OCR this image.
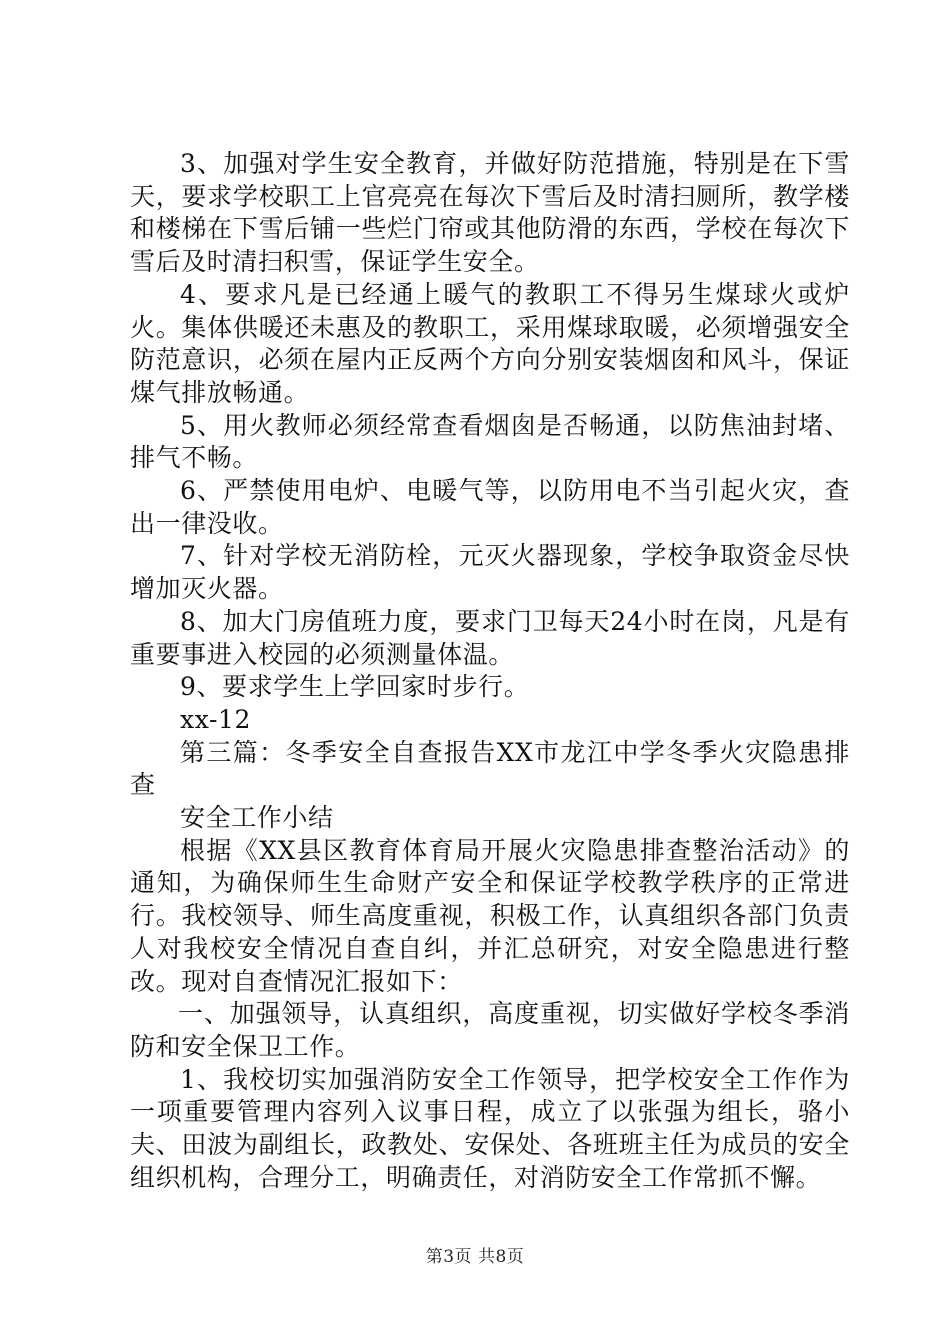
3、加强对学生安全教育，并做好防范措施，特别是在下雪天，要求学校职工上官亮亮在每次下雪后及时清扫厕所，教学楼和楼梯在下雪后铺一些烂门帘或其他防滑的东西，学校在每次下雪后及时清扫积雪，保证学生安全。

4、要求凡是已经通上暖气的教职工不得另生煤球火或炉火。集体供暖还未惠及的教职工，采用煤球取暖，必须增强安全防范意识，必须在屋内正反两个方向分别安装烟囱和风斗，保证煤气排放畅通。

5、用火教师必须经常查看烟囱是否畅通，以防焦油封堵、排气不畅。

6、严禁使用电炉、电暖气等，以防用电不当引起火灾，查出一律没收。

7、针对学校无消防栓，元灭火器现象，学校争取资金尽快增加灭火器。

8、加大门房值班力度，要求门卫每天24小时在岗，凡是有重要事进入校园的必须测量体温。

9、要求学生上学回家时步行。

xx-12

第三篇：冬季安全自查报告XX市龙江中学冬季火灾隐患排查

安全工作小结

根据《XX县区教育体育局开展火灾隐患排查整治活动》的通知，为确保师生生命财产安全和保证学校教学秩序的正常进行。我校领导、师生高度重视，积极工作，认真组织各部门负责人对我校安全情况自查自纠，并汇总研究，对安全隐患进行整改。现对自查情况汇报如下：

一、加强领导，认真组织，高度重视，切实做好学校冬季消防和安全保卫工作。

1、我校切实加强消防安全工作领导，把学校安全工作作为一项重要管理内容列入议事日程，成立了以张强为组长，骆小夫、田波为副组长，政教处、安保处、各班班主任为成员的安全组织机构，合理分工，明确责任，对消防安全工作常抓不懈。

第3页 共8页
